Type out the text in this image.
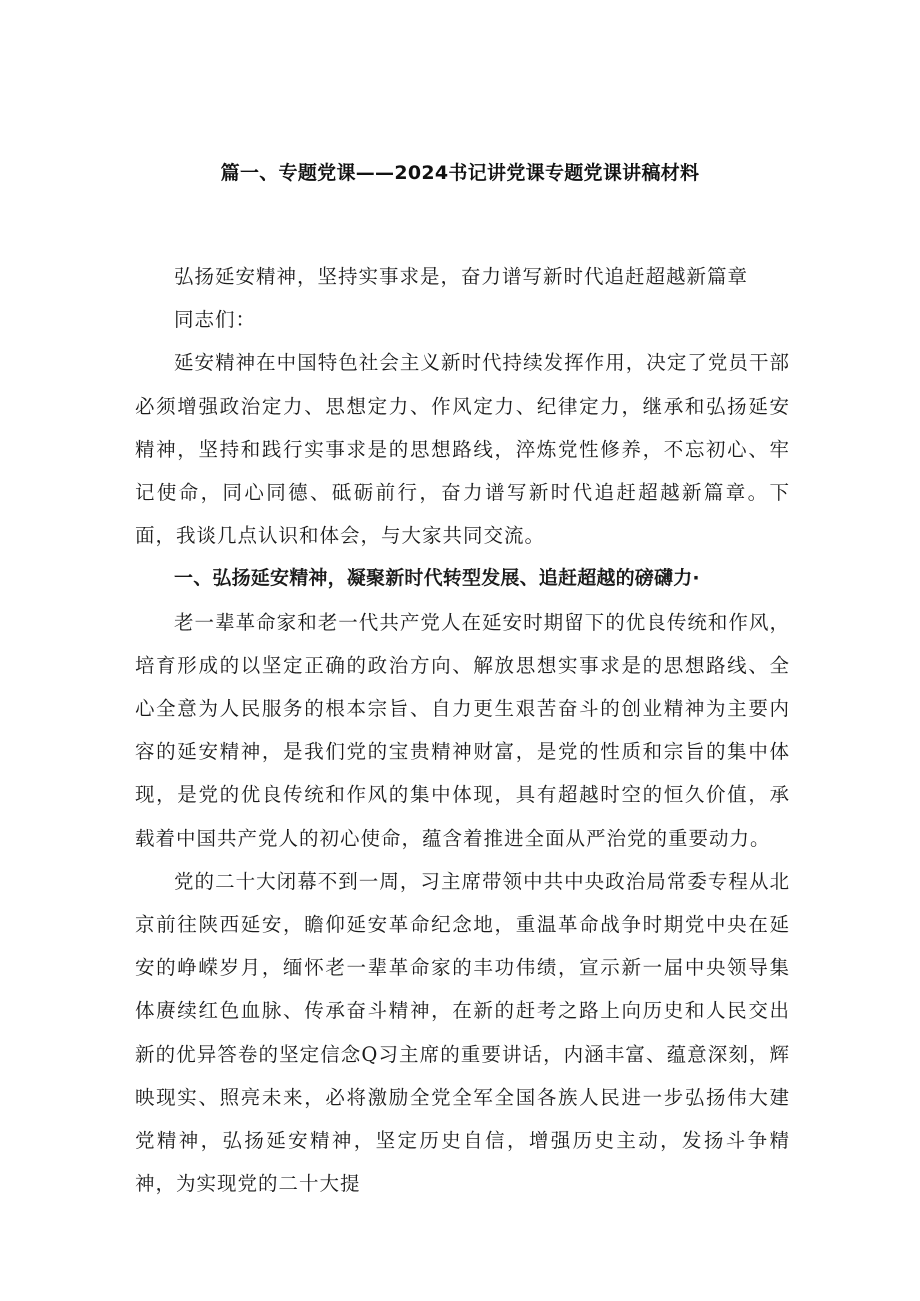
篇一、专题党课——2024书记讲党课专题党课讲稿材料

弘扬延安精神，坚持实事求是，奋力谱写新时代追赶超越新篇章

同志们：

延安精神在中国特色社会主义新时代持续发挥作用，决定了党员干部必须增强政治定力、思想定力、作风定力、纪律定力，继承和弘扬延安精神，坚持和践行实事求是的思想路线，淬炼党性修养，不忘初心、牢记使命，同心同德、砥砺前行，奋力谱写新时代追赶超越新篇章。下面，我谈几点认识和体会，与大家共同交流。

一、弘扬延安精神，凝聚新时代转型发展、追赶超越的磅礴力·

老一辈革命家和老一代共产党人在延安时期留下的优良传统和作风，培育形成的以坚定正确的政治方向、解放思想实事求是的思想路线、全心全意为人民服务的根本宗旨、自力更生艰苦奋斗的创业精神为主要内容的延安精神，是我们党的宝贵精神财富，是党的性质和宗旨的集中体现，是党的优良传统和作风的集中体现，具有超越时空的恒久价值，承载着中国共产党人的初心使命，蕴含着推进全面从严治党的重要动力。

党的二十大闭幕不到一周，习主席带领中共中央政治局常委专程从北京前往陕西延安，瞻仰延安革命纪念地，重温革命战争时期党中央在延安的峥嵘岁月，缅怀老一辈革命家的丰功伟绩，宣示新一届中央领导集体赓续红色血脉、传承奋斗精神，在新的赶考之路上向历史和人民交出新的优异答卷的坚定信念Q习主席的重要讲话，内涵丰富、蕴意深刻，辉映现实、照亮未来，必将激励全党全军全国各族人民进一步弘扬伟大建党精神，弘扬延安精神，坚定历史自信，增强历史主动，发扬斗争精神，为实现党的二十大提
